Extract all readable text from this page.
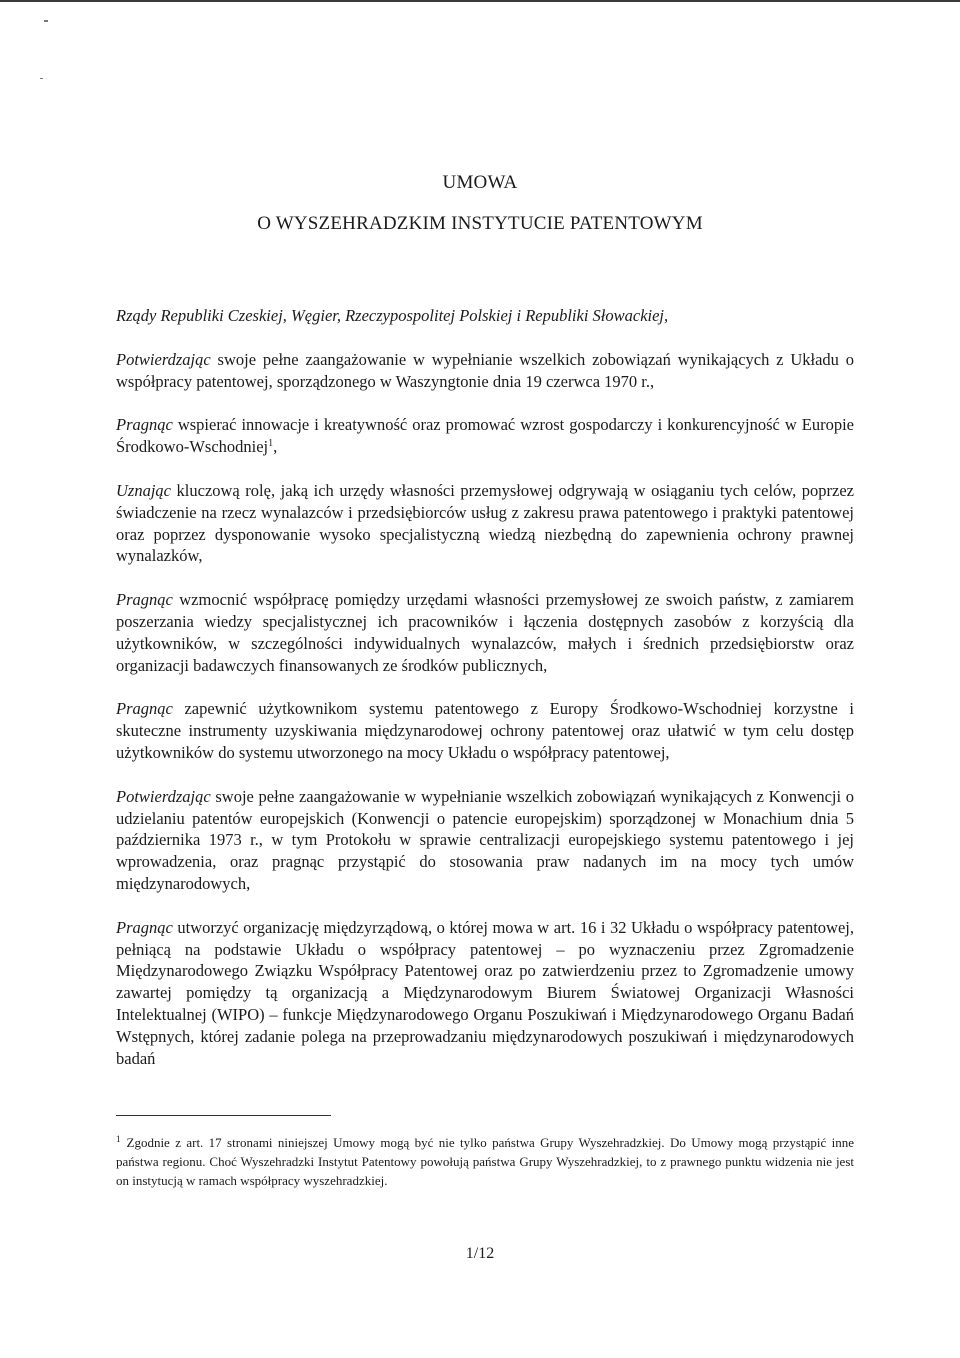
UMOWA
O WYSZEHRADZKIM INSTYTUCIE PATENTOWYM

Rządy Republiki Czeskiej, Węgier, Rzeczypospolitej Polskiej i Republiki Słowackiej,

Potwierdzając swoje pełne zaangażowanie w wypełnianie wszelkich zobowiązań wynikających z Układu o współpracy patentowej, sporządzonego w Waszyngtonie dnia 19 czerwca 1970 r.,

Pragnąc wspierać innowacje i kreatywność oraz promować wzrost gospodarczy i konkurencyjność w Europie Środkowo-Wschodniej$^1$,

Uznając kluczową rolę, jaką ich urzędy własności przemysłowej odgrywają w osiąganiu tych celów, poprzez świadczenie na rzecz wynalazców i przedsiębiorców usług z zakresu prawa patentowego i praktyki patentowej oraz poprzez dysponowanie wysoko specjalistyczną wiedzą niezbędną do zapewnienia ochrony prawnej wynalazków,

Pragnąc wzmocnić współpracę pomiędzy urzędami własności przemysłowej ze swoich państw, z zamiarem poszerzania wiedzy specjalistycznej ich pracowników i łączenia dostępnych zasobów z korzyścią dla użytkowników, w szczególności indywidualnych wynalazców, małych i średnich przedsiębiorstw oraz organizacji badawczych finansowanych ze środków publicznych,

Pragnąc zapewnić użytkownikom systemu patentowego z Europy Środkowo-Wschodniej korzystne i skuteczne instrumenty uzyskiwania międzynarodowej ochrony patentowej oraz ułatwić w tym celu dostęp użytkowników do systemu utworzonego na mocy Układu o współpracy patentowej,

Potwierdzając swoje pełne zaangażowanie w wypełnianie wszelkich zobowiązań wynikających z Konwencji o udzielaniu patentów europejskich (Konwencji o patencie europejskim) sporządzonej w Monachium dnia 5 października 1973 r., w tym Protokołu w sprawie centralizacji europejskiego systemu patentowego i jej wprowadzenia, oraz pragnąc przystąpić do stosowania praw nadanych im na mocy tych umów międzynarodowych,

Pragnąc utworzyć organizację międzyrządową, o której mowa w art. 16 i 32 Układu o współpracy patentowej, pełniącą na podstawie Układu o współpracy patentowej – po wyznaczeniu przez Zgromadzenie Międzynarodowego Związku Współpracy Patentowej oraz po zatwierdzeniu przez to Zgromadzenie umowy zawartej pomiędzy tą organizacją a Międzynarodowym Biurem Światowej Organizacji Własności Intelektualnej (WIPO) – funkcje Międzynarodowego Organu Poszukiwań i Międzynarodowego Organu Badań Wstępnych, której zadanie polega na przeprowadzaniu międzynarodowych poszukiwań i międzynarodowych badań

$^1$ Zgodnie z art. 17 stronami niniejszej Umowy mogą być nie tylko państwa Grupy Wyszehradzkiej. Do Umowy mogą przystąpić inne państwa regionu. Choć Wyszehradzki Instytut Patentowy powołują państwa Grupy Wyszehradzkiej, to z prawnego punktu widzenia nie jest on instytucją w ramach współpracy wyszehradzkiej.
1/12
